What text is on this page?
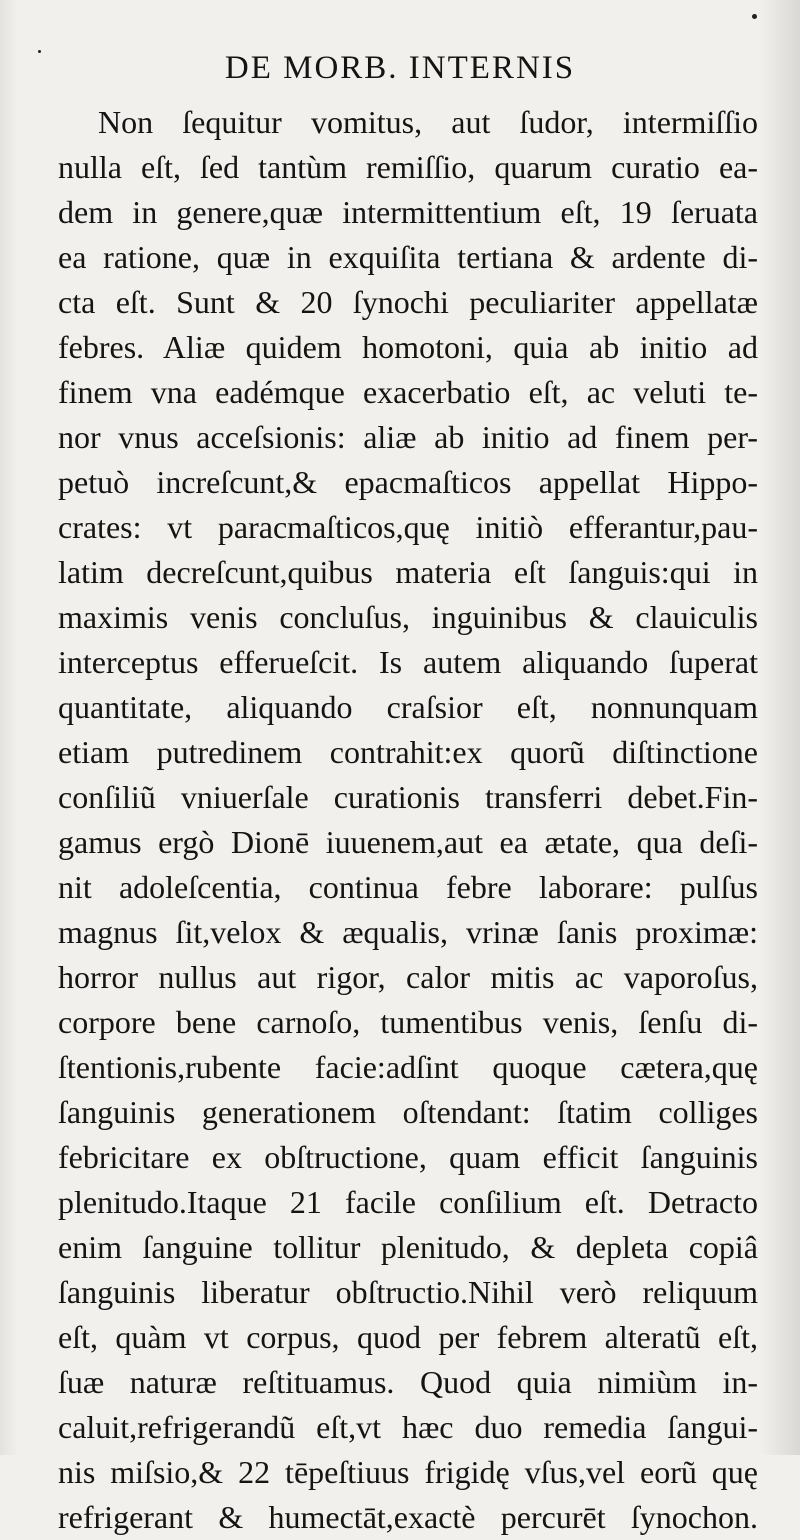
DE MORB. INTERNIS
Non ſequitur vomitus, aut ſudor, intermiſſio
nulla eſt, ſed tantùm remiſſio, quarum curatio ea-
dem in genere,quæ intermittentium eſt, 19 ſeruata
ea ratione, quæ in exquiſita tertiana & ardente di-
cta eſt. Sunt & 20 ſynochi peculiariter appellatæ
febres. Aliæ quidem homotoni, quia ab initio ad
finem vna eadémque exacerbatio eſt, ac veluti te-
nor vnus acceſsionis: aliæ ab initio ad finem per-
petuò increſcunt,& epacmaſticos appellat Hippo-
crates: vt paracmaſticos,quę initiò efferantur,pau-
latim decreſcunt,quibus materia eſt ſanguis:qui in
maximis venis concluſus, inguinibus & clauiculis
interceptus efferueſcit. Is autem aliquando ſuperat
quantitate, aliquando craſsior eſt, nonnunquam
etiam putredinem contrahit:ex quorũ diſtinctione
conſiliũ vniuerſale curationis transferri debet.Fin-
gamus ergò Dionē iuuenem,aut ea ætate, qua deſi-
nit adoleſcentia, continua febre laborare: pulſus
magnus ſit,velox & æqualis, vrinæ ſanis proximæ:
horror nullus aut rigor, calor mitis ac vaporoſus,
corpore bene carnoſo, tumentibus venis, ſenſu di-
ſtentionis,rubente facie:adſint quoque cætera,quę
ſanguinis generationem oſtendant: ſtatim colliges
febricitare ex obſtructione, quam efficit ſanguinis
plenitudo.Itaque 21 facile conſilium eſt. Detracto
enim ſanguine tollitur plenitudo, & depleta copiâ
ſanguinis liberatur obſtructio.Nihil verò reliquum
eſt, quàm vt corpus, quod per febrem alteratũ eſt,
ſuæ naturæ reſtituamus. Quod quia nimiùm in-
caluit,refrigerandũ eſt,vt hæc duo remedia ſangui-
nis miſsio,& 22 tēpeſtiuus frigidę vſus,vel eorũ quę
refrigerant & humectāt,exactè percurēt ſynochon.
